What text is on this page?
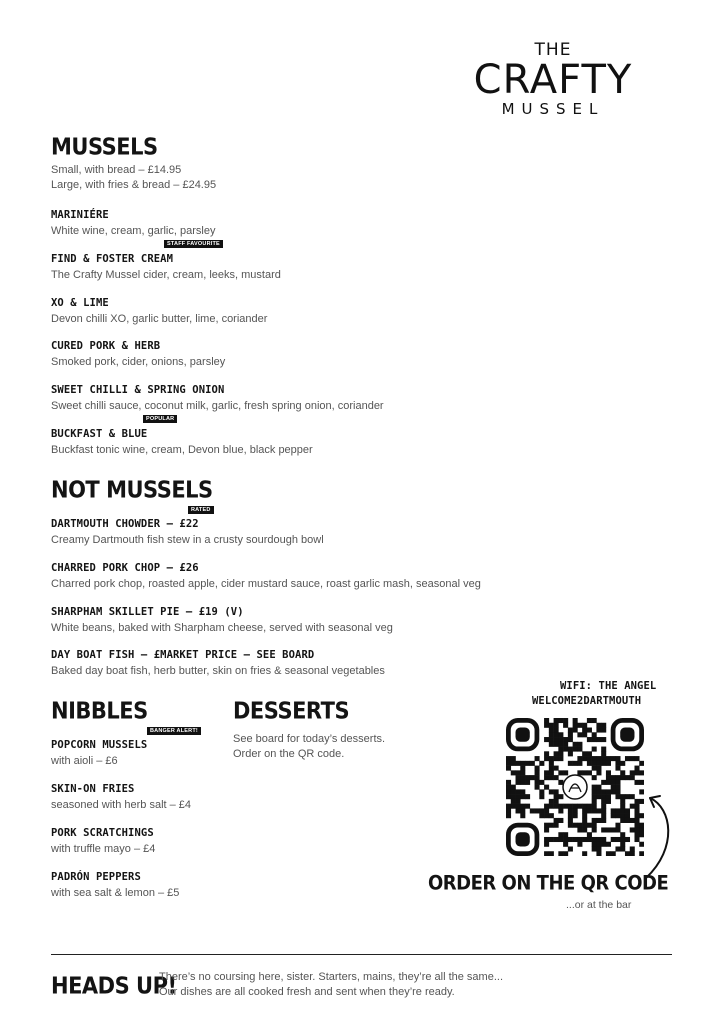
THE
CRAFTY
MUSSEL
MUSSELS
Small, with bread – £14.95
Large, with fries & bread – £24.95
MARINIÉRE
White wine, cream, garlic, parsley
FIND & FOSTER CREAM
The Crafty Mussel cider, cream, leeks, mustard
STAFF FAVOURITE
XO & LIME
Devon chilli XO, garlic butter, lime, coriander
CURED PORK & HERB
Smoked pork, cider, onions, parsley
SWEET CHILLI & SPRING ONION
Sweet chilli sauce, coconut milk, garlic, fresh spring onion, coriander
BUCKFAST & BLUE
Buckfast tonic wine, cream, Devon blue, black pepper
POPULAR
NOT MUSSELS
DARTMOUTH CHOWDER – £22
Creamy Dartmouth fish stew in a crusty sourdough bowl
RATED
CHARRED PORK CHOP – £26
Charred pork chop, roasted apple, cider mustard sauce, roast garlic mash, seasonal veg
SHARPHAM SKILLET PIE – £19 (V)
White beans, baked with Sharpham cheese, served with seasonal veg
DAY BOAT FISH – £MARKET PRICE – SEE BOARD
Baked day boat fish, herb butter, skin on fries & seasonal vegetables
NIBBLES
POPCORN MUSSELS
with aioli – £6
BANGER ALERT!
SKIN-ON FRIES
seasoned with herb salt – £4
PORK SCRATCHINGS
with truffle mayo – £4
PADRÓN PEPPERS
with sea salt & lemon – £5
DESSERTS
See board for today’s desserts.
Order on the QR code.
WIFI: THE ANGEL
WELCOME2DARTMOUTH
ORDER ON THE QR CODE
...or at the bar
HEADS UP!
There’s no coursing here, sister. Starters, mains, they’re all the same...
Our dishes are all cooked fresh and sent when they’re ready.
